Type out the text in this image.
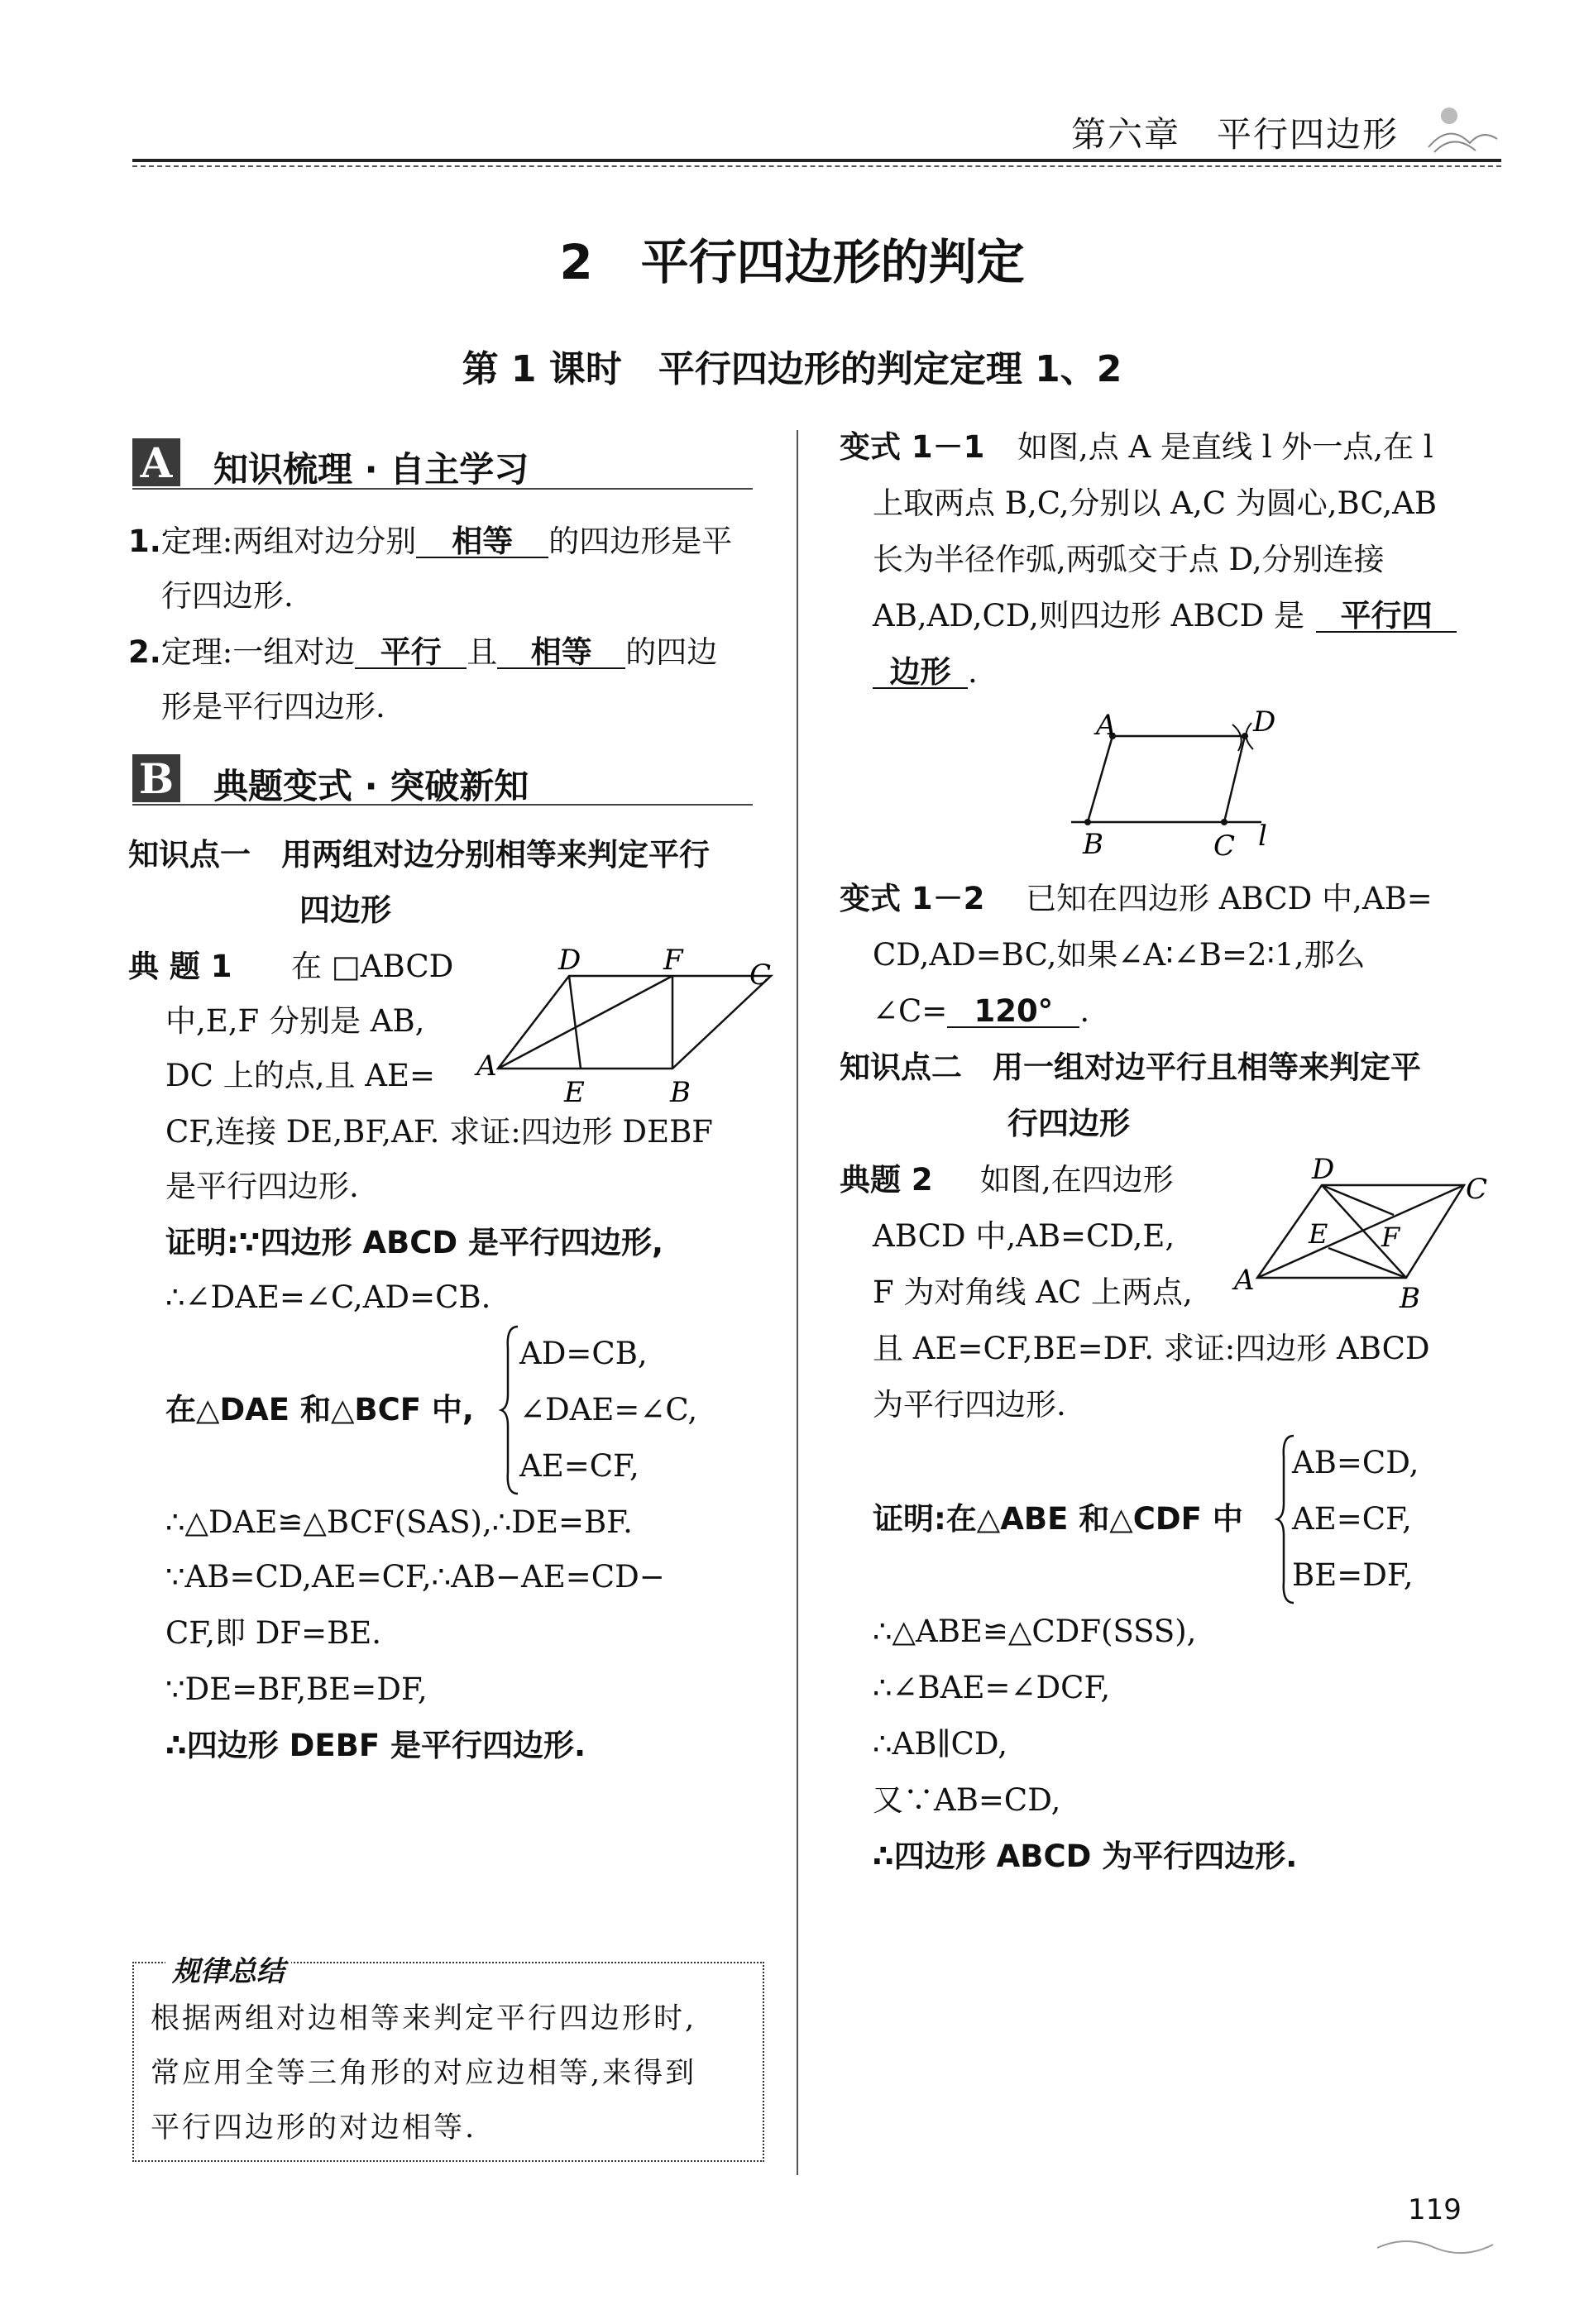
第六章　平行四边形
2　平行四边形的判定
第 1 课时　平行四边形的判定定理 1、2
A 知识梳理 · 自主学习
1.定理:两组对边分别 相等 的四边形是平
行四边形.
2.定理:一组对边 平行 且 相等 的四边
形是平行四边形.
B 典题变式 · 突破新知
知识点一　用两组对边分别相等来判定平行
四边形
典 题 1 在 □ABCD
中,E,F 分别是 AB,
DC 上的点,且 AE=
CF,连接 DE,BF,AF. 求证:四边形 DEBF
是平行四边形.
D	F C
A
E	B
证明:∵四边形 ABCD 是平行四边形,
∴∠DAE=∠C,AD=CB.
在△DAE 和△BCF 中,
AD=CB,
∠DAE=∠C,
AE=CF,
∴△DAE≌△BCF(SAS),∴DE=BF.
∵AB=CD,AE=CF,∴AB−AE=CD−
CF,即 DF=BE.
∵DE=BF,BE=DF,
∴四边形 DEBF 是平行四边形.
规律总结
根据两组对边相等来判定平行四边形时,
常应用全等三角形的对应边相等,来得到
平行四边形的对边相等.
变式 1－1 如图,点 A 是直线 l 外一点,在 l
上取两点 B,C,分别以 A,C 为圆心,BC,AB
长为半径作弧,两弧交于点 D,分别连接
AB,AD,CD,则四边形 ABCD 是 平行四
边形 .
A	D
B	C l
变式 1－2 已知在四边形 ABCD 中,AB=
CD,AD=BC,如果∠A∶∠B=2∶1,那么
∠C= 120° .
知识点二　用一组对边平行且相等来判定平
行四边形
典题 2 如图,在四边形
ABCD 中,AB=CD,E,
F 为对角线 AC 上两点,
且 AE=CF,BE=DF. 求证:四边形 ABCD
为平行四边形.
D
C
E F
A
B
证明:在△ABE 和△CDF 中
AB=CD,
AE=CF,
BE=DF,
∴△ABE≌△CDF(SSS),
∴∠BAE=∠DCF,
∴AB∥CD,
又∵AB=CD,
∴四边形 ABCD 为平行四边形.
119
